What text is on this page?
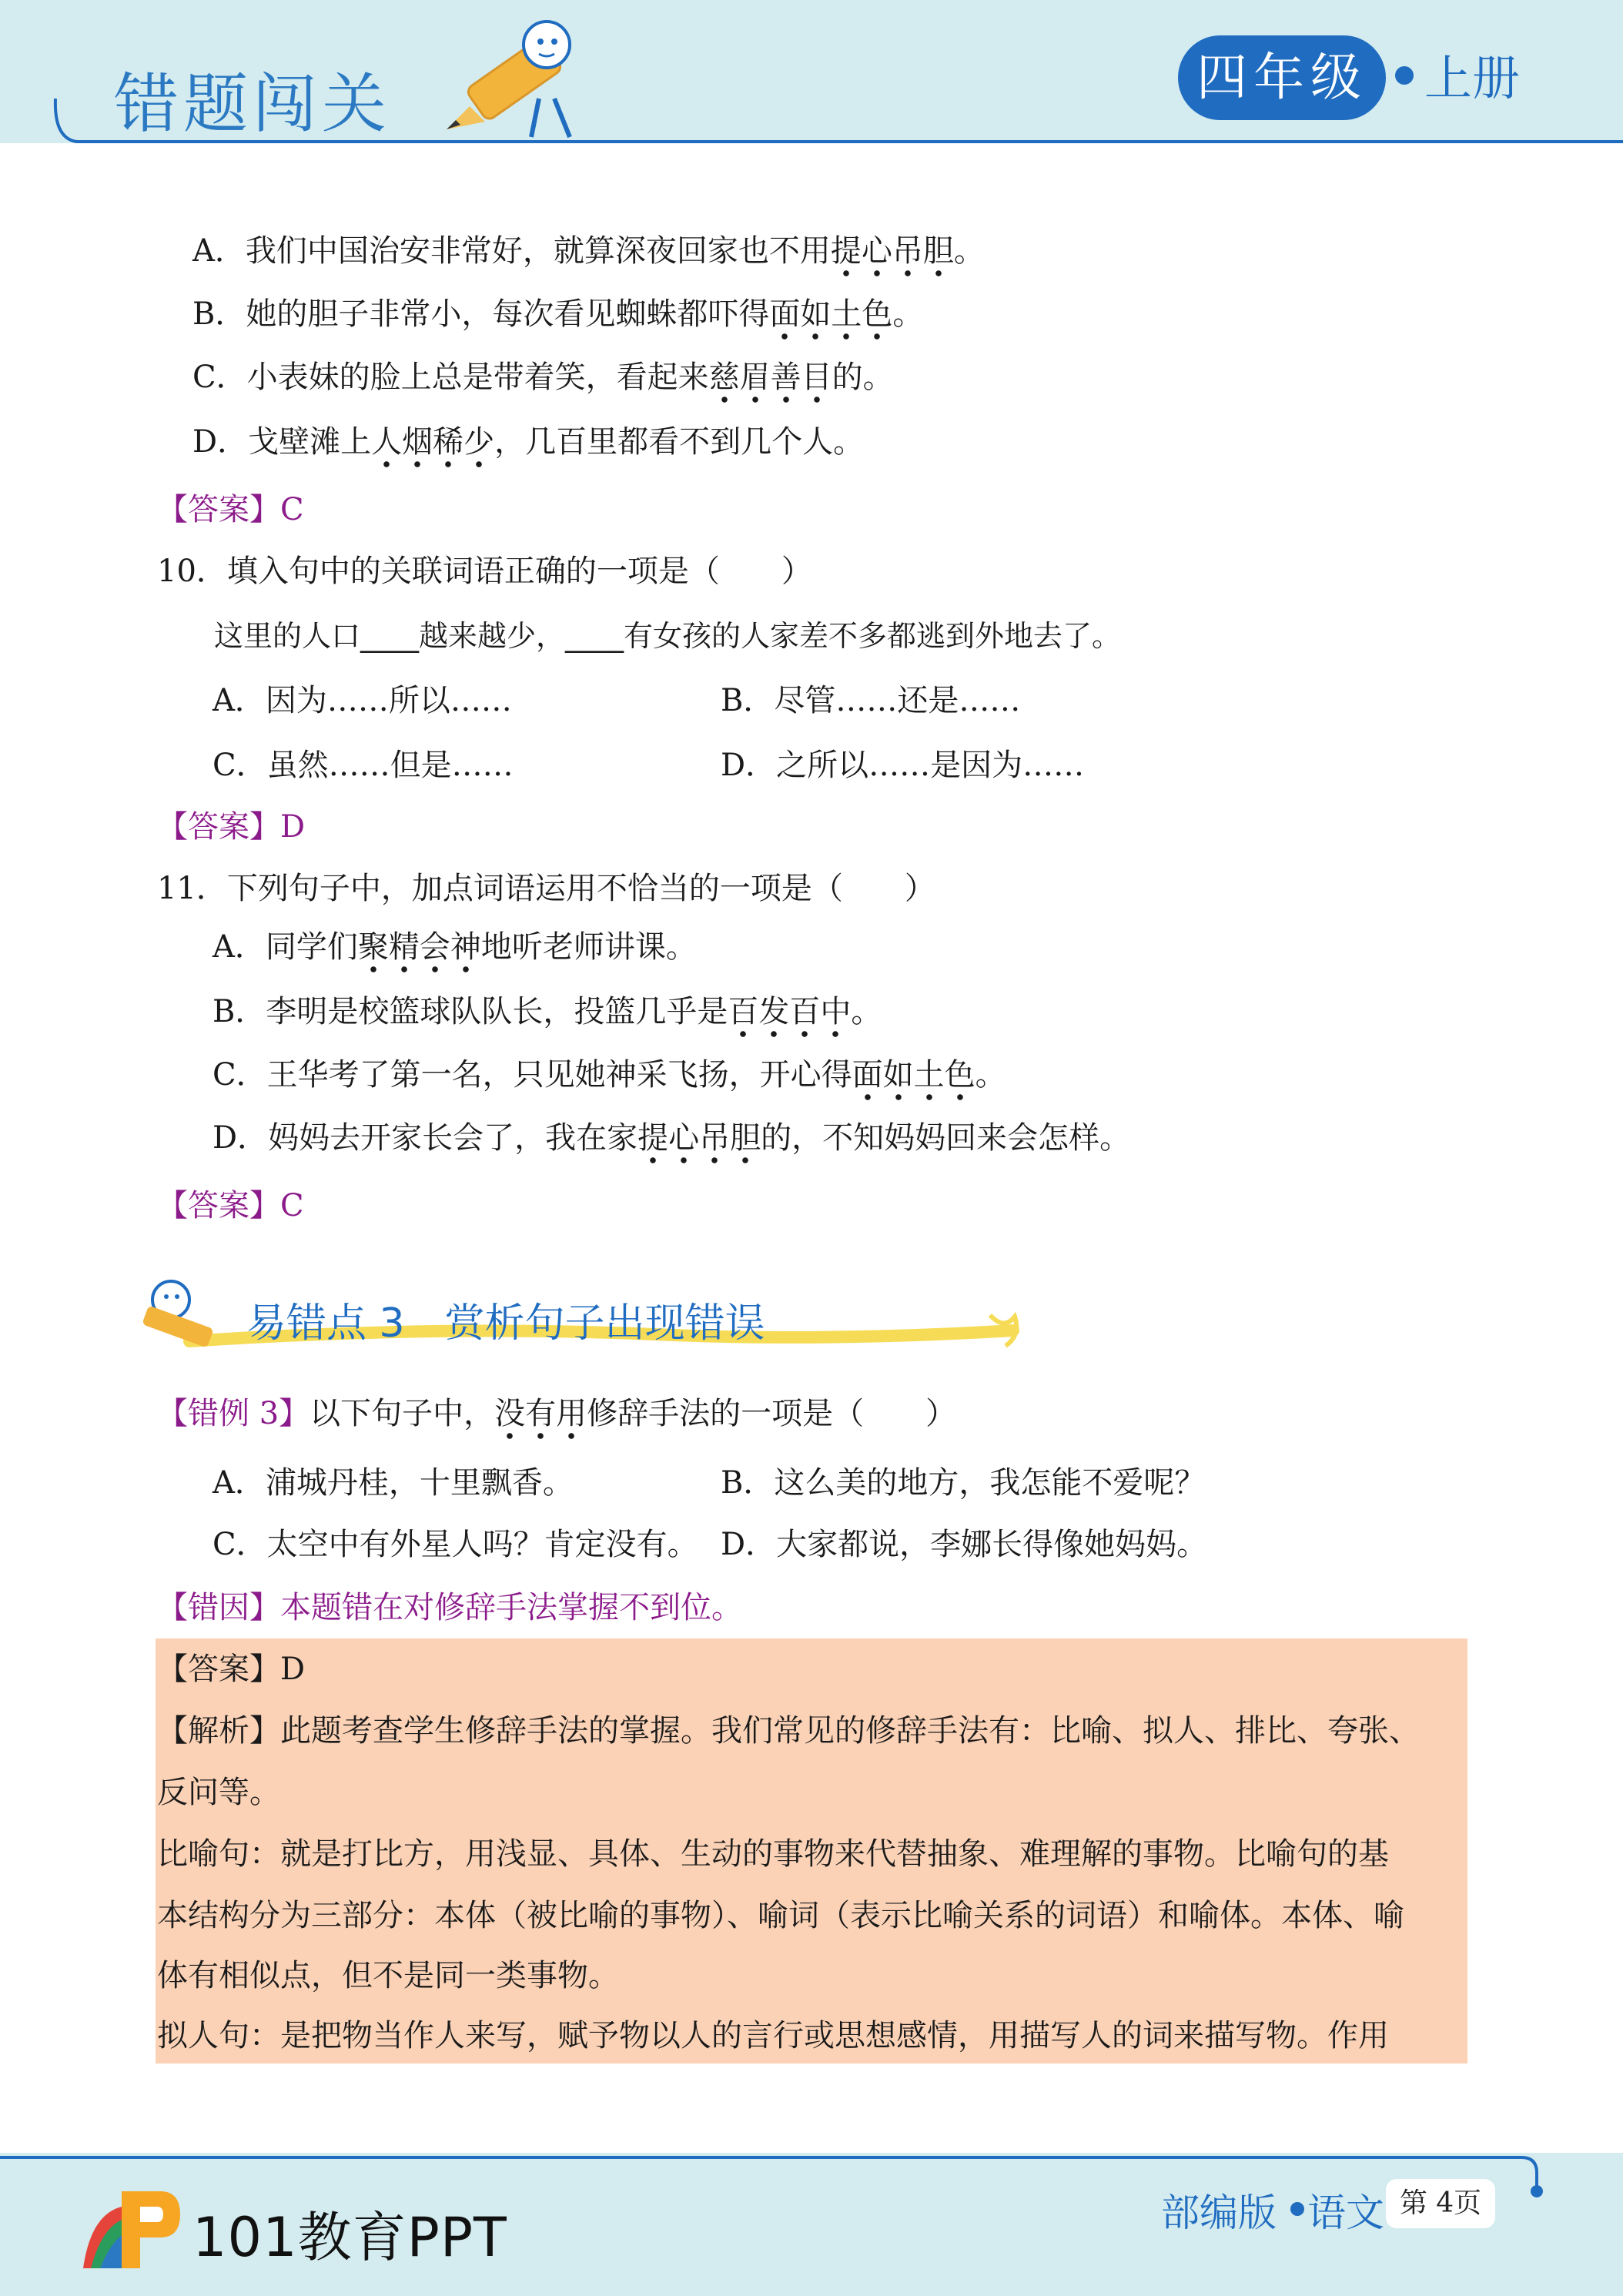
错题闯关	四年级	上册
A．我们中国治安非常好，就算深夜回家也不用提心吊胆。
B．她的胆子非常小，每次看见蜘蛛都吓得面如土色。
C．小表妹的脸上总是带着笑，看起来慈眉善目的。
D．戈壁滩上人烟稀少，几百里都看不到几个人。
【答案】C
10．填入句中的关联词语正确的一项是（　　）
这里的人口____越来越少，____有女孩的人家差不多都逃到外地去了。
A．因为……所以……	B．尽管……还是……
C．虽然……但是……	D．之所以……是因为……
【答案】D
11．下列句子中，加点词语运用不恰当的一项是（　　）
A．同学们聚精会神地听老师讲课。
B．李明是校篮球队队长，投篮几乎是百发百中。
C．王华考了第一名，只见她神采飞扬，开心得面如土色。
D．妈妈去开家长会了，我在家提心吊胆的，不知妈妈回来会怎样。
【答案】C
易错点 3　赏析句子出现错误
【错例 3】以下句子中，没有用修辞手法的一项是（　　）
A．浦城丹桂，十里飘香。	B．这么美的地方，我怎能不爱呢？
C．太空中有外星人吗？肯定没有。 D．大家都说，李娜长得像她妈妈。
【错因】本题错在对修辞手法掌握不到位。
【答案】D
【解析】此题考查学生修辞手法的掌握。我们常见的修辞手法有：比喻、拟人、排比、夸张、
反问等。
比喻句：就是打比方，用浅显、具体、生动的事物来代替抽象、难理解的事物。比喻句的基
本结构分为三部分：本体（被比喻的事物）、喻词（表示比喻关系的词语）和喻体。本体、喻
体有相似点，但不是同一类事物。
拟人句：是把物当作人来写，赋予物以人的言行或思想感情，用描写人的词来描写物。作用
101教育PPT	部编版 语文 第 4页
